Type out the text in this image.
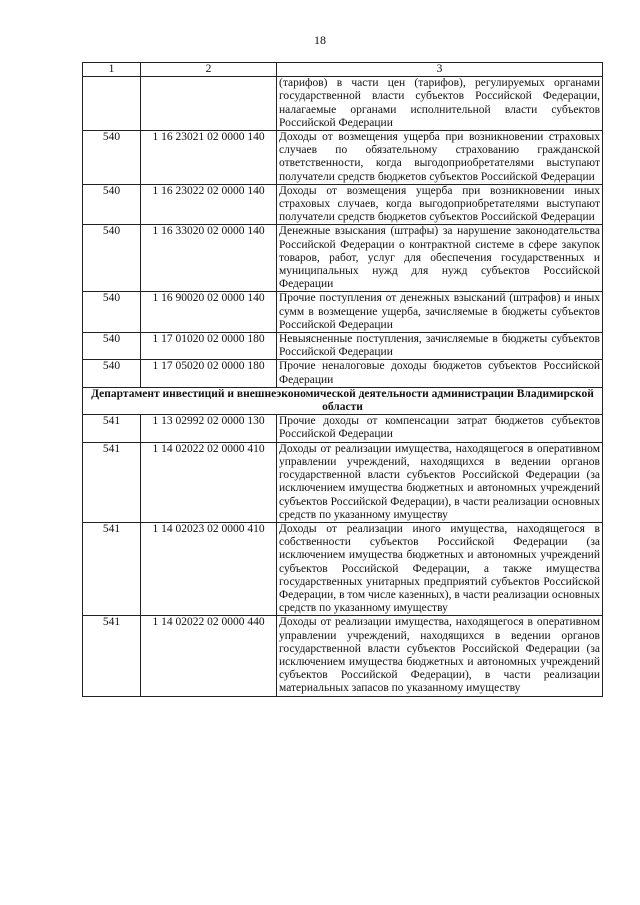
18
1	2	3
		(тарифов) в части цен (тарифов), регулируемых органами государственной власти субъектов Российской Федерации, налагаемые органами исполнительной власти субъектов Российской Федерации
540	1 16 23021 02 0000 140	Доходы от возмещения ущерба при возникновении страховых случаев по обязательному страхованию гражданской ответственности, когда выгодоприобретателями выступают получатели средств бюджетов субъектов Российской Федерации
540	1 16 23022 02 0000 140	Доходы от возмещения ущерба при возникновении иных страховых случаев, когда выгодоприобретателями выступают получатели средств бюджетов субъектов Российской Федерации
540	1 16 33020 02 0000 140	Денежные взыскания (штрафы) за нарушение законодательства Российской Федерации о контрактной системе в сфере закупок товаров, работ, услуг для обеспечения государственных и муниципальных нужд для нужд субъектов Российской Федерации
540	1 16 90020 02 0000 140	Прочие поступления от денежных взысканий (штрафов) и иных сумм в возмещение ущерба, зачисляемые в бюджеты субъектов Российской Федерации
540	1 17 01020 02 0000 180	Невыясненные поступления, зачисляемые в бюджеты субъектов Российской Федерации
540	1 17 05020 02 0000 180	Прочие неналоговые доходы бюджетов субъектов Российской Федерации
Департамент инвестиций и внешнеэкономической деятельности администрации Владимирской области		
541	1 13 02992 02 0000 130	Прочие доходы от компенсации затрат бюджетов субъектов Российской Федерации
541	1 14 02022 02 0000 410	Доходы от реализации имущества, находящегося в оперативном управлении учреждений, находящихся в ведении органов государственной власти субъектов Российской Федерации (за исключением имущества бюджетных и автономных учреждений субъектов Российской Федерации), в части реализации основных средств по указанному имуществу
541	1 14 02023 02 0000 410	Доходы от реализации иного имущества, находящегося в собственности субъектов Российской Федерации (за исключением имущества бюджетных и автономных учреждений субъектов Российской Федерации, а также имущества государственных унитарных предприятий субъектов Российской Федерации, в том числе казенных), в части реализации основных средств по указанному имуществу
541	1 14 02022 02 0000 440	Доходы от реализации имущества, находящегося в оперативном управлении учреждений, находящихся в ведении органов государственной власти субъектов Российской Федерации (за исключением имущества бюджетных и автономных учреждений субъектов Российской Федерации), в части реализации материальных запасов по указанному имуществу
